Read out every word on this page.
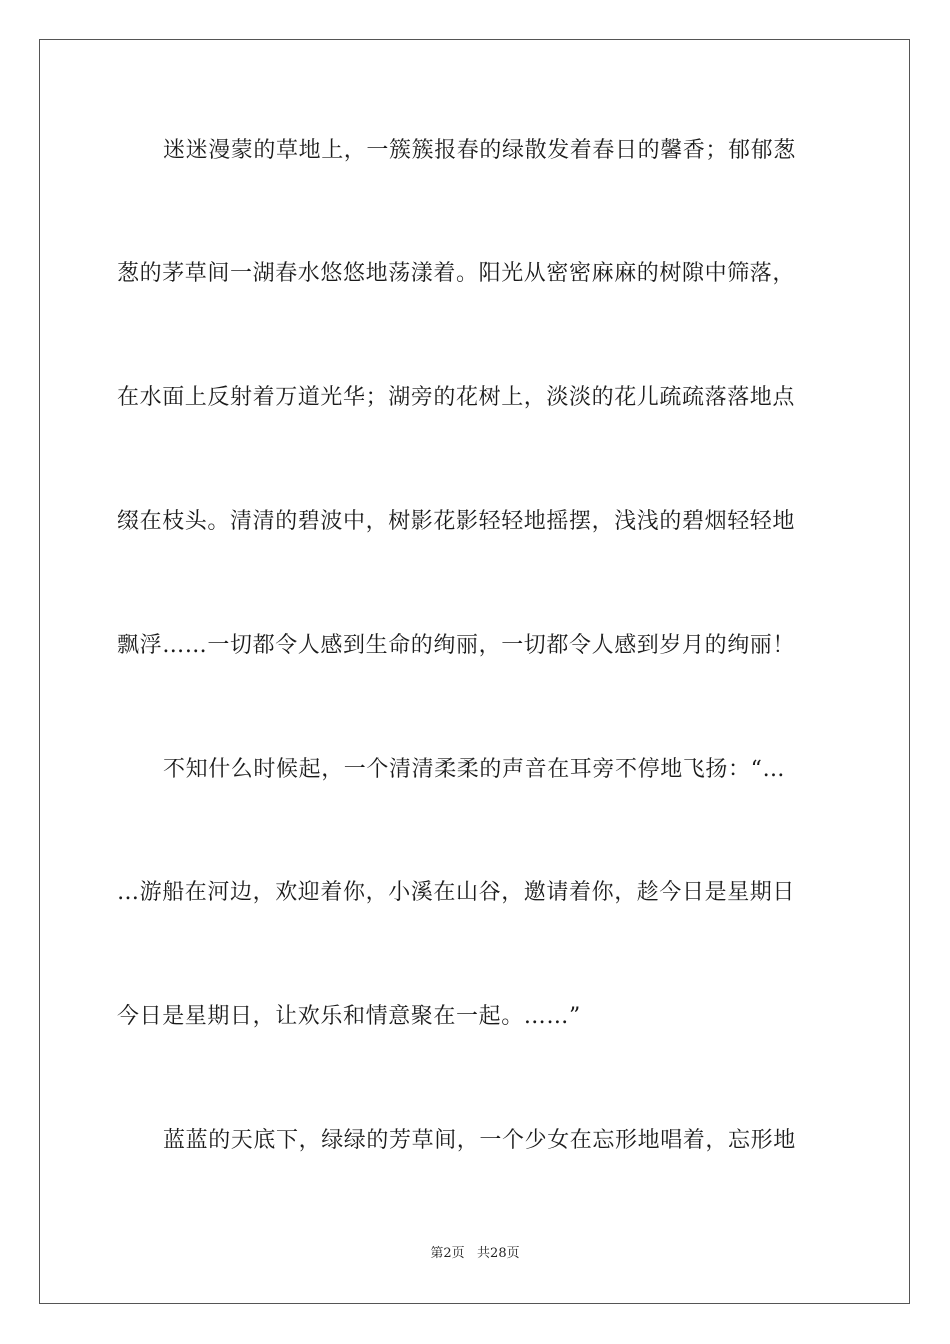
迷迷漫蒙的草地上，一簇簇报春的绿散发着春日的馨香；郁郁葱
葱的茅草间一湖春水悠悠地荡漾着。阳光从密密麻麻的树隙中筛落，
在水面上反射着万道光华；湖旁的花树上，淡淡的花儿疏疏落落地点
缀在枝头。清清的碧波中，树影花影轻轻地摇摆，浅浅的碧烟轻轻地
飘浮……一切都令人感到生命的绚丽，一切都令人感到岁月的绚丽！
不知什么时候起，一个清清柔柔的声音在耳旁不停地飞扬：“…
…游船在河边，欢迎着你，小溪在山谷，邀请着你，趁今日是星期日
今日是星期日，让欢乐和情意聚在一起。……”
蓝蓝的天底下，绿绿的芳草间，一个少女在忘形地唱着，忘形地
第2页   共28页
